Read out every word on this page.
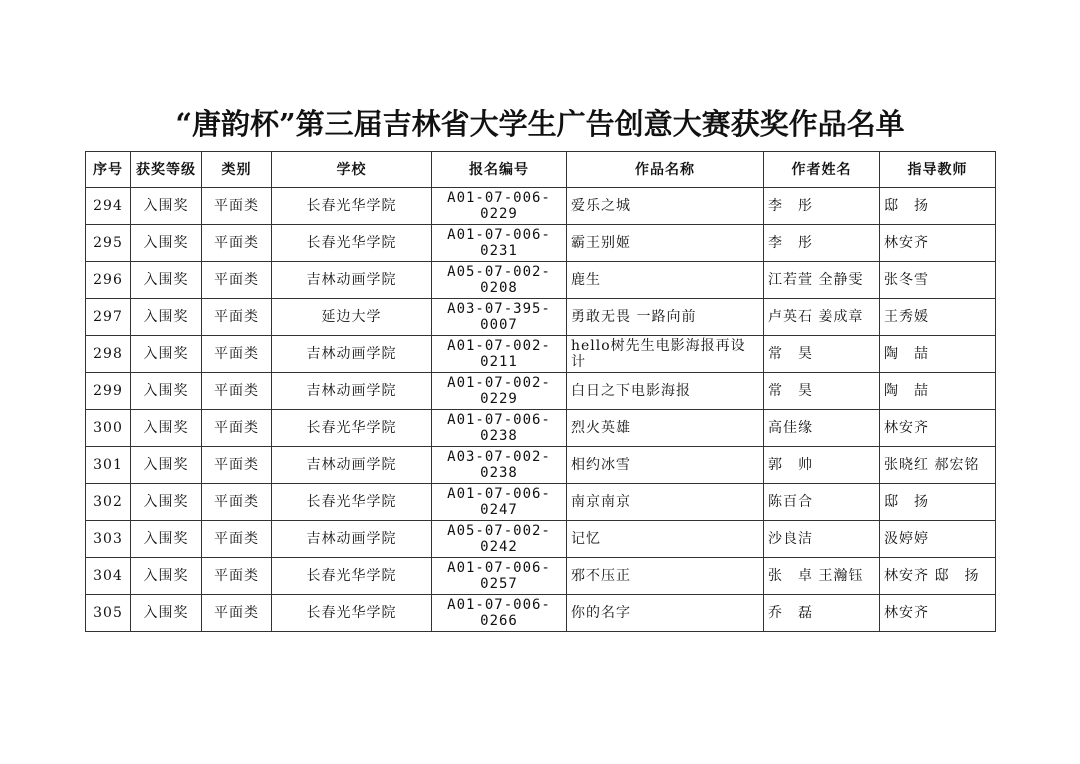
“唐韵杯”第三届吉林省大学生广告创意大赛获奖作品名单
序号	获奖等级	类别	学校	报名编号	作品名称	作者姓名	指导教师
294	入围奖	平面类	长春光华学院	A01-07-006-0229	爱乐之城	李　彤	邸　扬
295	入围奖	平面类	长春光华学院	A01-07-006-0231	霸王别姬	李　彤	林安齐
296	入围奖	平面类	吉林动画学院	A05-07-002-0208	鹿生	江若萱 全静雯	张冬雪
297	入围奖	平面类	延边大学	A03-07-395-0007	勇敢无畏 一路向前	卢英石 姜成章	王秀媛
298	入围奖	平面类	吉林动画学院	A01-07-002-0211	hello树先生电影海报再设计	常　昊	陶　喆
299	入围奖	平面类	吉林动画学院	A01-07-002-0229	白日之下电影海报	常　昊	陶　喆
300	入围奖	平面类	长春光华学院	A01-07-006-0238	烈火英雄	高佳缘	林安齐
301	入围奖	平面类	吉林动画学院	A03-07-002-0238	相约冰雪	郭　帅	张晓红 郝宏铭
302	入围奖	平面类	长春光华学院	A01-07-006-0247	南京南京	陈百合	邸　扬
303	入围奖	平面类	吉林动画学院	A05-07-002-0242	记忆	沙良洁	汲婷婷
304	入围奖	平面类	长春光华学院	A01-07-006-0257	邪不压正	张　卓 王瀚钰	林安齐 邸　扬
305	入围奖	平面类	长春光华学院	A01-07-006-0266	你的名字	乔　磊	林安齐
